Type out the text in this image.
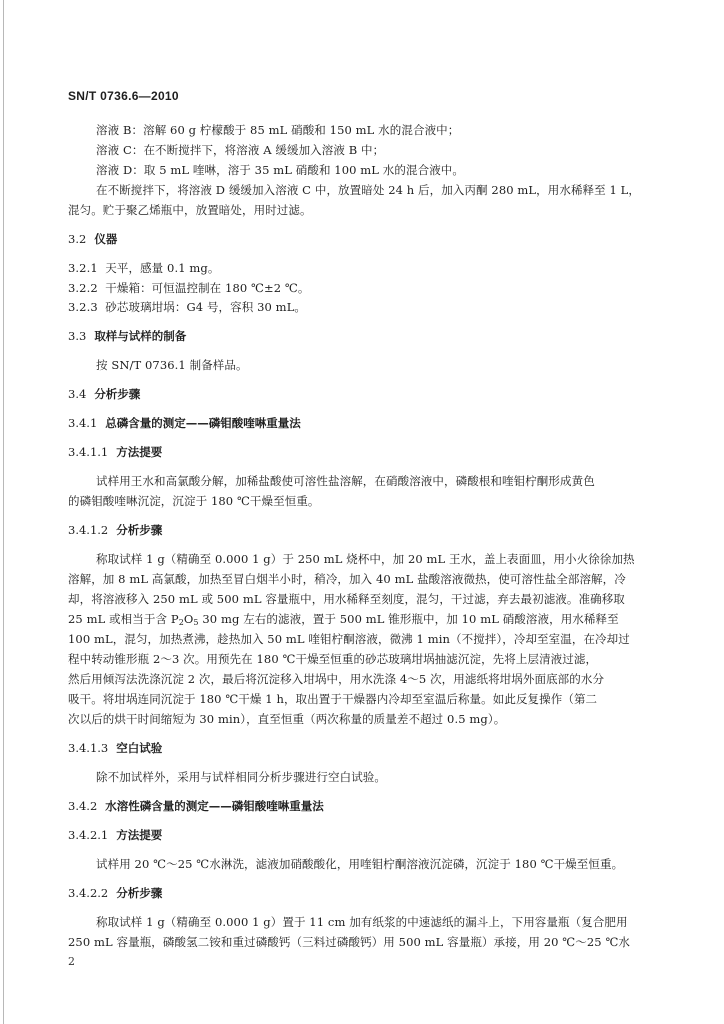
SN/T 0736.6—2010
溶液 B：溶解 60 g 柠檬酸于 85 mL 硝酸和 150 mL 水的混合液中；
溶液 C：在不断搅拌下，将溶液 A 缓缓加入溶液 B 中；
溶液 D：取 5 mL 喹啉，溶于 35 mL 硝酸和 100 mL 水的混合液中。
在不断搅拌下，将溶液 D 缓缓加入溶液 C 中，放置暗处 24 h 后，加入丙酮 280 mL，用水稀释至 1 L，
混匀。贮于聚乙烯瓶中，放置暗处，用时过滤。
3.2 仪器
3.2.1 天平，感量 0.1 mg。
3.2.2 干燥箱：可恒温控制在 180 ℃±2 ℃。
3.2.3 砂芯玻璃坩埚：G4 号，容积 30 mL。
3.3 取样与试样的制备
按 SN/T 0736.1 制备样品。
3.4 分析步骤
3.4.1 总磷含量的测定——磷钼酸喹啉重量法
3.4.1.1 方法提要
试样用王水和高氯酸分解，加稀盐酸使可溶性盐溶解，在硝酸溶液中，磷酸根和喹钼柠酮形成黄色
的磷钼酸喹啉沉淀，沉淀于 180 ℃干燥至恒重。
3.4.1.2 分析步骤
称取试样 1 g（精确至 0.000 1 g）于 250 mL 烧杯中，加 20 mL 王水，盖上表面皿，用小火徐徐加热
溶解，加 8 mL 高氯酸，加热至冒白烟半小时，稍冷，加入 40 mL 盐酸溶液微热，使可溶性盐全部溶解，冷
却，将溶液移入 250 mL 或 500 mL 容量瓶中，用水稀释至刻度，混匀，干过滤，弃去最初滤液。准确移取
25 mL 或相当于含 $P_2O_5$ 30 mg 左右的滤液，置于 500 mL 锥形瓶中，加 10 mL 硝酸溶液，用水稀释至
100 mL，混匀，加热煮沸，趁热加入 50 mL 喹钼柠酮溶液，微沸 1 min（不搅拌），冷却至室温，在冷却过
程中转动锥形瓶 2～3 次。用预先在 180 ℃干燥至恒重的砂芯玻璃坩埚抽滤沉淀，先将上层清液过滤，
然后用倾泻法洗涤沉淀 2 次，最后将沉淀移入坩埚中，用水洗涤 4～5 次，用滤纸将坩埚外面底部的水分
吸干。将坩埚连同沉淀于 180 ℃干燥 1 h，取出置于干燥器内冷却至室温后称量。如此反复操作（第二
次以后的烘干时间缩短为 30 min），直至恒重（两次称量的质量差不超过 0.5 mg）。
3.4.1.3 空白试验
除不加试样外，采用与试样相同分析步骤进行空白试验。
3.4.2 水溶性磷含量的测定——磷钼酸喹啉重量法
3.4.2.1 方法提要
试样用 20 ℃～25 ℃水淋洗，滤液加硝酸酸化，用喹钼柠酮溶液沉淀磷，沉淀于 180 ℃干燥至恒重。
3.4.2.2 分析步骤
称取试样 1 g（精确至 0.000 1 g）置于 11 cm 加有纸浆的中速滤纸的漏斗上，下用容量瓶（复合肥用
250 mL 容量瓶，磷酸氢二铵和重过磷酸钙（三料过磷酸钙）用 500 mL 容量瓶）承接，用 20 ℃～25 ℃水
2
